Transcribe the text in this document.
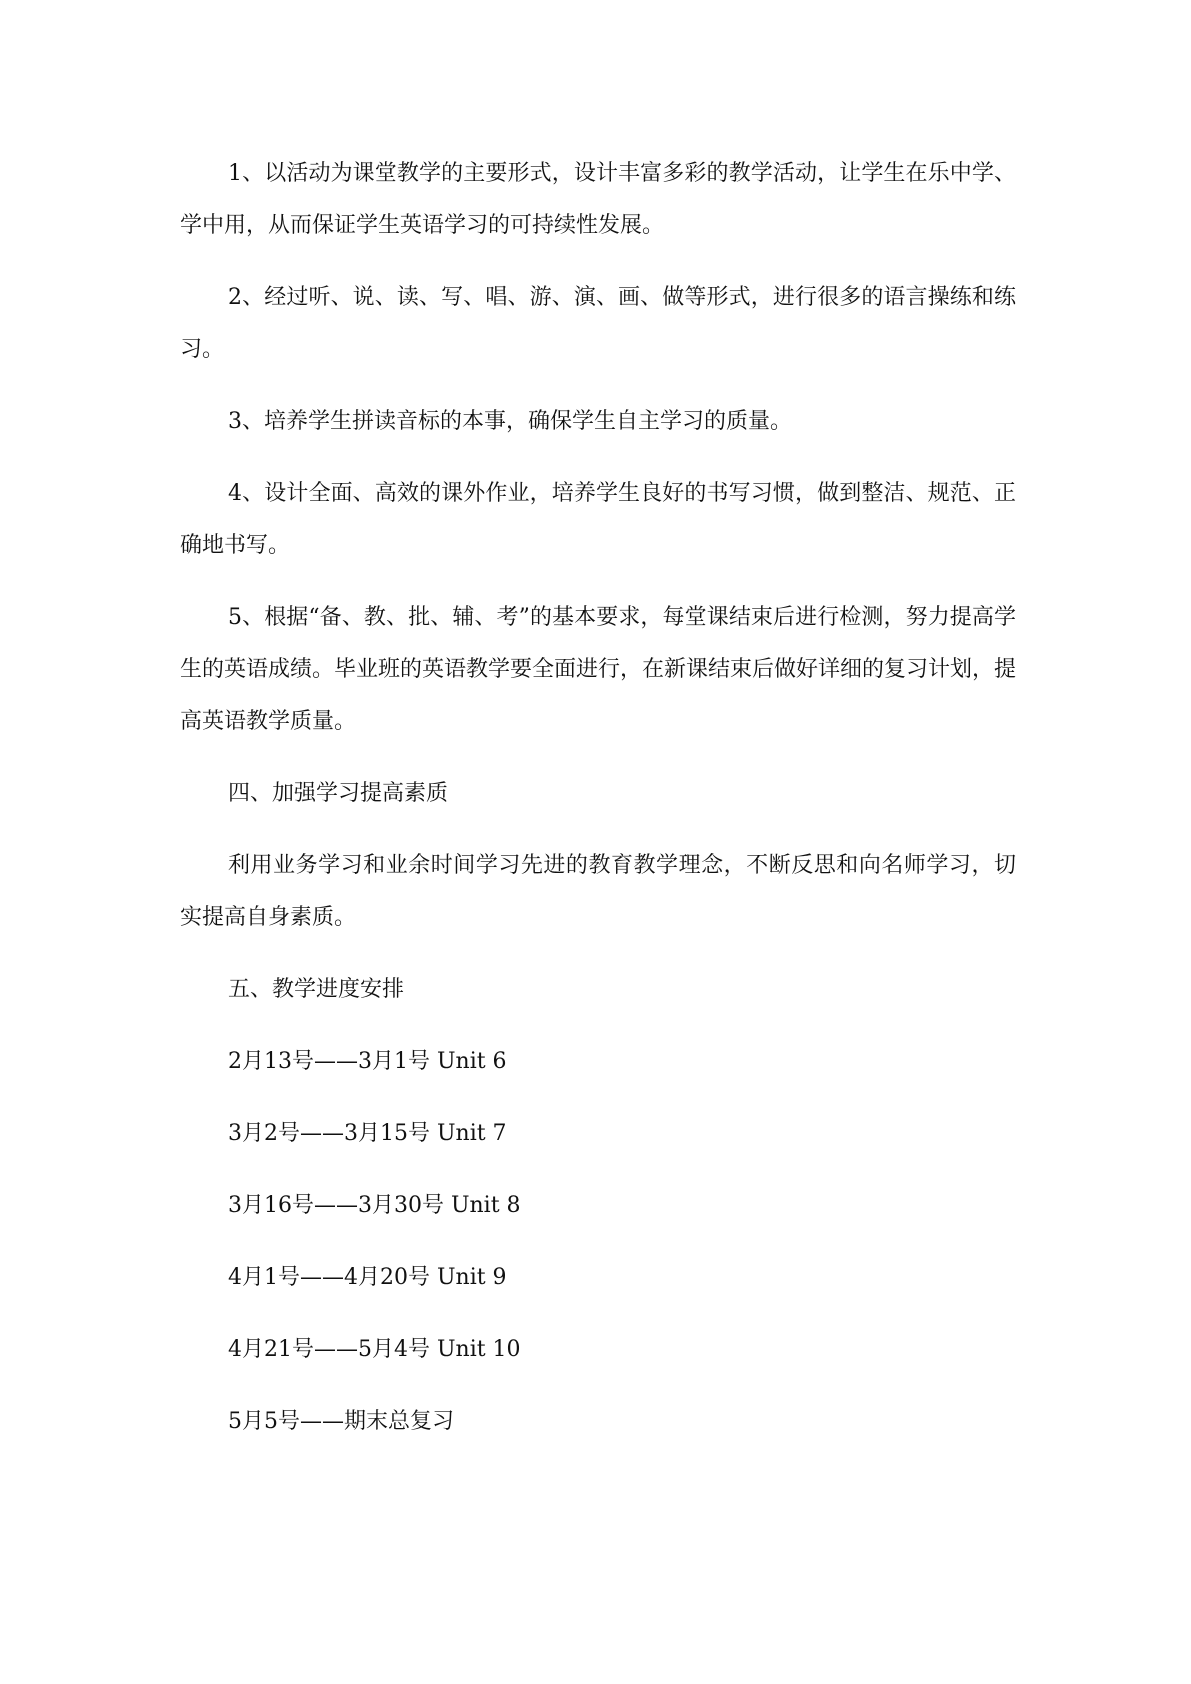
1、以活动为课堂教学的主要形式，设计丰富多彩的教学活动，让学生在乐中学、学中用，从而保证学生英语学习的可持续性发展。

2、经过听、说、读、写、唱、游、演、画、做等形式，进行很多的语言操练和练习。

3、培养学生拼读音标的本事，确保学生自主学习的质量。

4、设计全面、高效的课外作业，培养学生良好的书写习惯，做到整洁、规范、正确地书写。

5、根据“备、教、批、辅、考”的基本要求，每堂课结束后进行检测，努力提高学生的英语成绩。毕业班的英语教学要全面进行，在新课结束后做好详细的复习计划，提高英语教学质量。

四、加强学习提高素质

利用业务学习和业余时间学习先进的教育教学理念，不断反思和向名师学习，切实提高自身素质。

五、教学进度安排

2月13号——3月1号 Unit 6

3月2号——3月15号 Unit 7

3月16号——3月30号 Unit 8

4月1号——4月20号 Unit 9

4月21号——5月4号 Unit 10

5月5号——期末总复习
